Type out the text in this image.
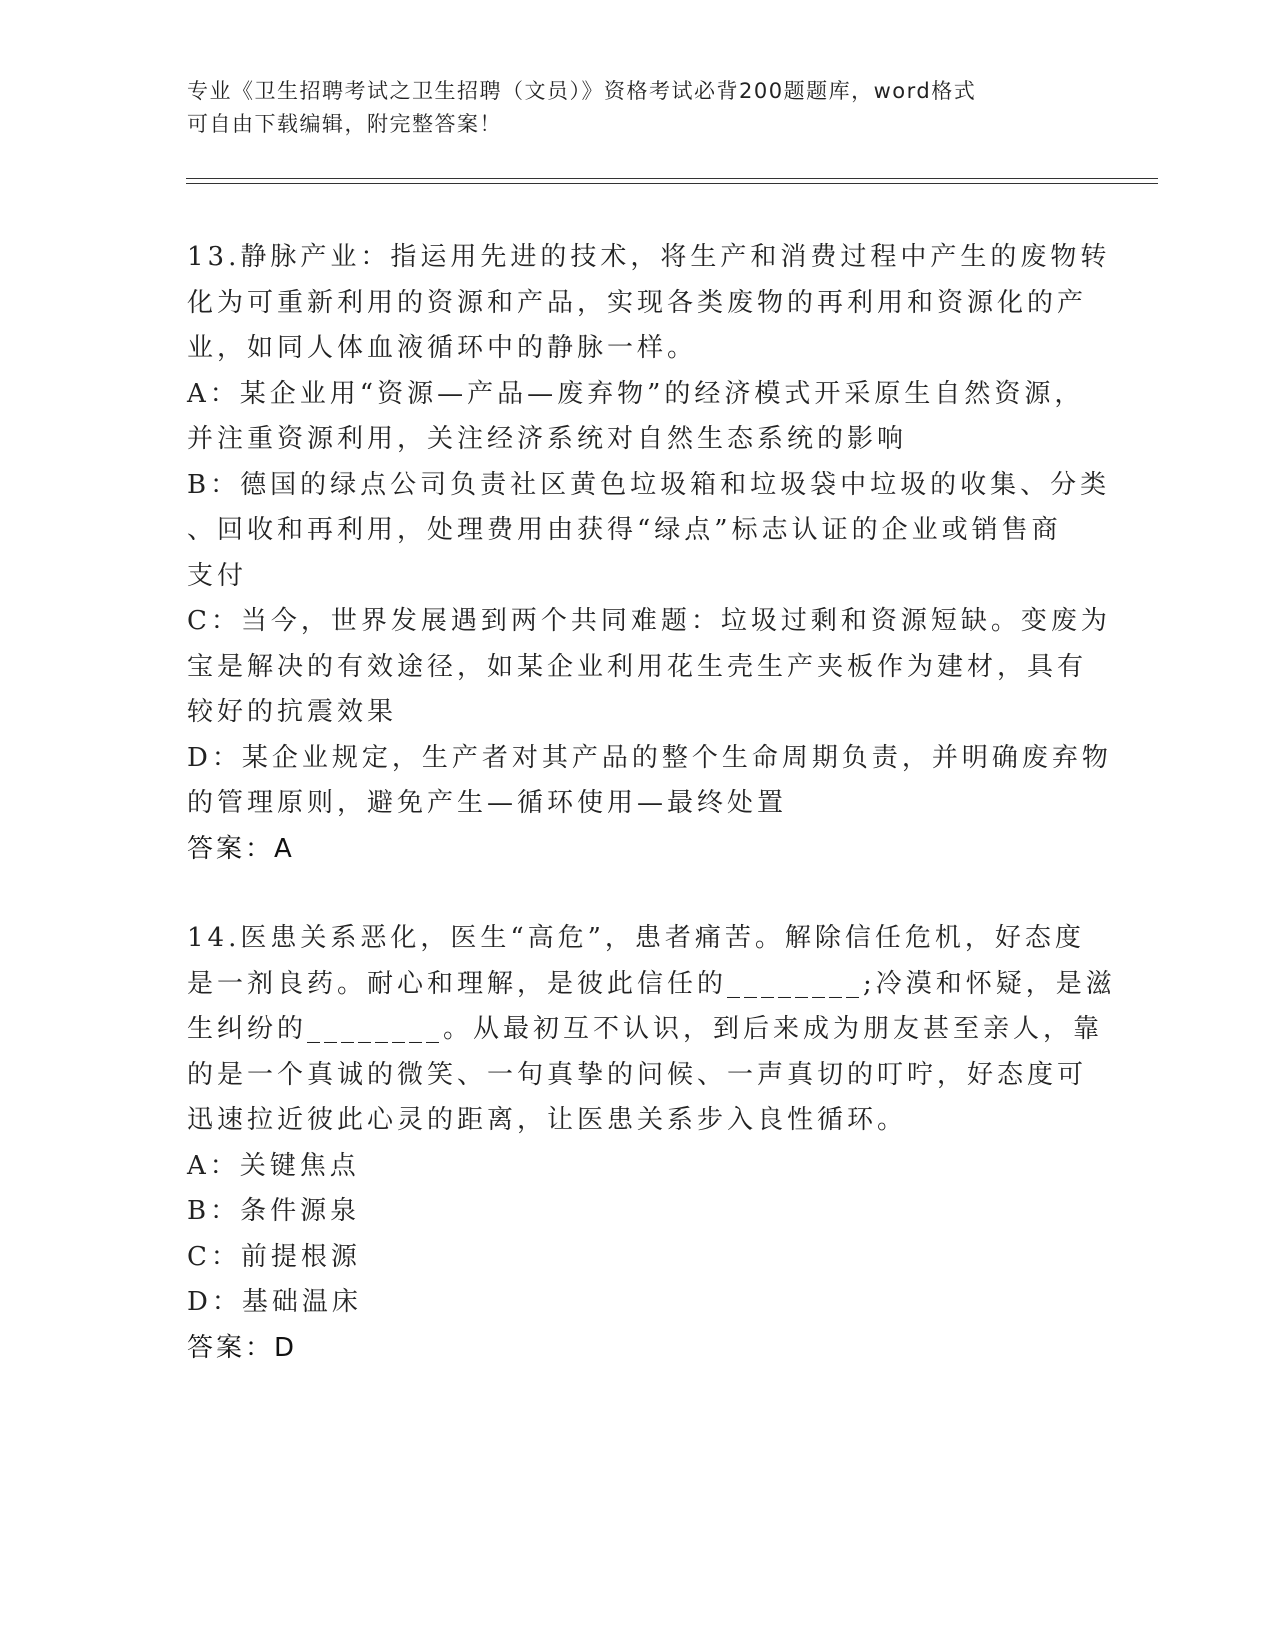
专业《卫生招聘考试之卫生招聘（文员）》资格考试必背200题题库，word格式
可自由下载编辑，附完整答案！
13.静脉产业：指运用先进的技术，将生产和消费过程中产生的废物转
化为可重新利用的资源和产品，实现各类废物的再利用和资源化的产
业，如同人体血液循环中的静脉一样。
A：某企业用“资源—产品—废弃物”的经济模式开采原生自然资源，
并注重资源利用，关注经济系统对自然生态系统的影响
B：德国的绿点公司负责社区黄色垃圾箱和垃圾袋中垃圾的收集、分类
、回收和再利用，处理费用由获得“绿点”标志认证的企业或销售商
支付
C：当今，世界发展遇到两个共同难题：垃圾过剩和资源短缺。变废为
宝是解决的有效途径，如某企业利用花生壳生产夹板作为建材，具有
较好的抗震效果
D：某企业规定，生产者对其产品的整个生命周期负责，并明确废弃物
的管理原则，避免产生—循环使用—最终处置
答案：A
14.医患关系恶化，医生“高危”，患者痛苦。解除信任危机，好态度
是一剂良药。耐心和理解，是彼此信任的________;冷漠和怀疑，是滋
生纠纷的________。从最初互不认识，到后来成为朋友甚至亲人，靠
的是一个真诚的微笑、一句真挚的问候、一声真切的叮咛，好态度可
迅速拉近彼此心灵的距离，让医患关系步入良性循环。
A：关键焦点
B：条件源泉
C：前提根源
D：基础温床
答案：D
